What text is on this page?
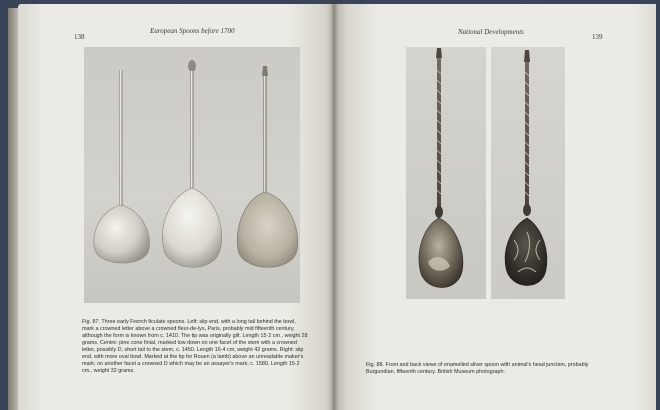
138
European Spoons before 1700	National Developments
139
Fig. 87. Three early French ficulate spoons. Left: slip end, with a long tail behind the bowl, mark a crowned letter above a crowned fleur-de-lys, Paris, probably mid fifteenth century, although the form is known from c. 1410. The tip was originally gilt. Length 15·2 cm., weight 28 grams. Centre: pine cone finial, marked low down on one facet of the stem with a crowned letter, possibly D, short tail to the stem, c. 1450. Length 16·4 cm, weight 42 grams. Right: slip end, with more oval bowl. Marked at the tip for Rouen (a lamb) above an unreadable maker's mark; on another facet a crowned D which may be an assayer's mark; c. 1580. Length 15·2 cm., weight 32 grams.
Fig. 88. Front and back views of enamelled silver spoon with animal's head junction, probably Burgundian, fifteenth century. British Museum photograph.
